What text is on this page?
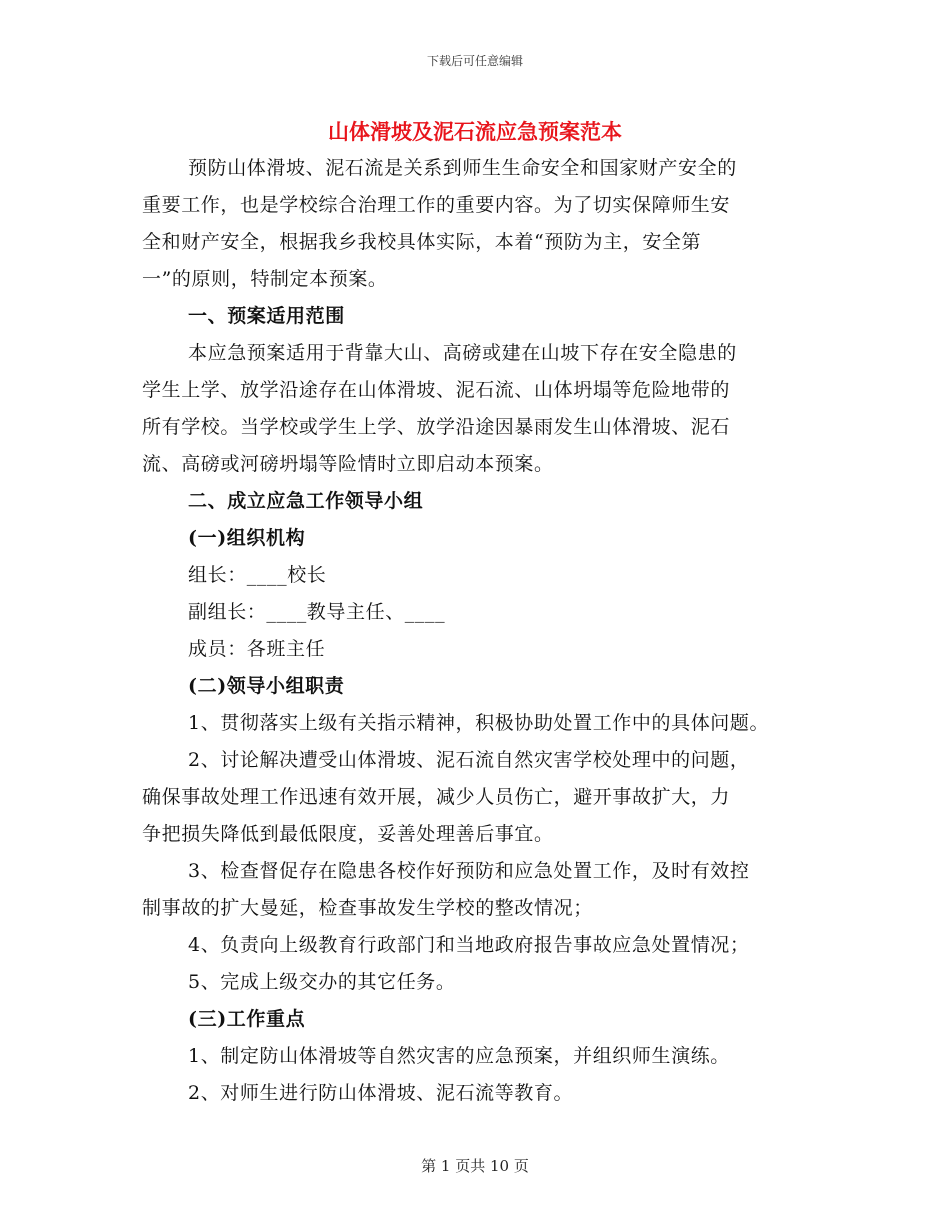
下载后可任意编辑
山体滑坡及泥石流应急预案范本
预防山体滑坡、泥石流是关系到师生生命安全和国家财产安全的
重要工作，也是学校综合治理工作的重要内容。为了切实保障师生安
全和财产安全，根据我乡我校具体实际，本着“预防为主，安全第
一”的原则，特制定本预案。
一、预案适用范围
本应急预案适用于背靠大山、高磅或建在山坡下存在安全隐患的
学生上学、放学沿途存在山体滑坡、泥石流、山体坍塌等危险地带的
所有学校。当学校或学生上学、放学沿途因暴雨发生山体滑坡、泥石
流、高磅或河磅坍塌等险情时立即启动本预案。
二、成立应急工作领导小组
(一)组织机构
组长：____校长
副组长：____教导主任、____
成员：各班主任
(二)领导小组职责
1、贯彻落实上级有关指示精神，积极协助处置工作中的具体问题。
2、讨论解决遭受山体滑坡、泥石流自然灾害学校处理中的问题，
确保事故处理工作迅速有效开展，减少人员伤亡，避开事故扩大，力
争把损失降低到最低限度，妥善处理善后事宜。
3、检查督促存在隐患各校作好预防和应急处置工作，及时有效控
制事故的扩大曼延，检查事故发生学校的整改情况；
4、负责向上级教育行政部门和当地政府报告事故应急处置情况；
5、完成上级交办的其它任务。
(三)工作重点
1、制定防山体滑坡等自然灾害的应急预案，并组织师生演练。
2、对师生进行防山体滑坡、泥石流等教育。
第 1 页共 10 页
